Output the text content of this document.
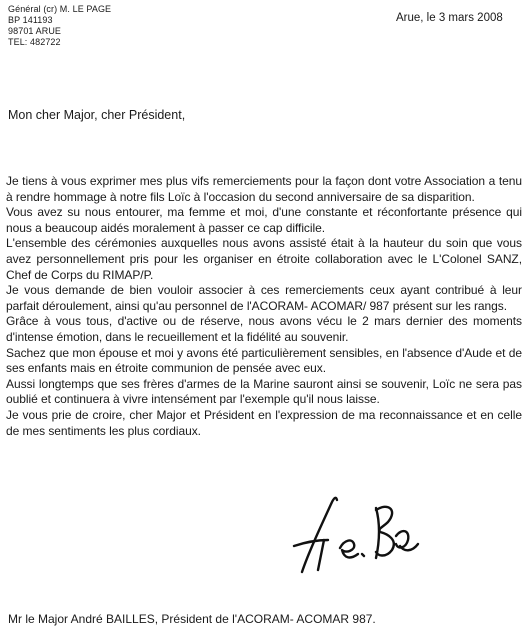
Général (cr) M. LE PAGE
BP 141193
98701 ARUE
TEL: 482722
Arue, le 3 mars 2008
Mon cher Major, cher Président,

Je tiens à vous exprimer mes plus vifs remerciements pour la façon dont votre Association a tenu à rendre hommage à notre fils Loïc à l'occasion du second anniversaire de sa disparition.

Vous avez su nous entourer, ma femme et moi, d'une constante et réconfortante présence qui nous a beaucoup aidés moralement à passer ce cap difficile.

L'ensemble des cérémonies auxquelles nous avons assisté était à la hauteur du soin que vous avez personnellement pris pour les organiser en étroite collaboration avec le L'Colonel SANZ, Chef de Corps du RIMAP/P.

Je vous demande de bien vouloir associer à ces remerciements ceux ayant contribué à leur parfait déroulement, ainsi qu'au personnel de l'ACORAM- ACOMAR/ 987 présent sur les rangs.

Grâce à vous tous, d'active ou de réserve, nous avons vécu le 2 mars dernier des moments d'intense émotion, dans le recueillement et la fidélité au souvenir.

Sachez que mon épouse et moi y avons été particulièrement sensibles, en l'absence d'Aude et de ses enfants mais en étroite communion de pensée avec eux.

Aussi longtemps que ses frères d'armes de la Marine sauront ainsi se souvenir, Loïc ne sera pas oublié et continuera à vivre intensément par l'exemple qu'il nous laisse.

Je vous prie de croire, cher Major et Président en l'expression de ma reconnaissance et en celle de mes sentiments les plus cordiaux.

Mr le Major André BAILLES, Président de l'ACORAM- ACOMAR 987.
